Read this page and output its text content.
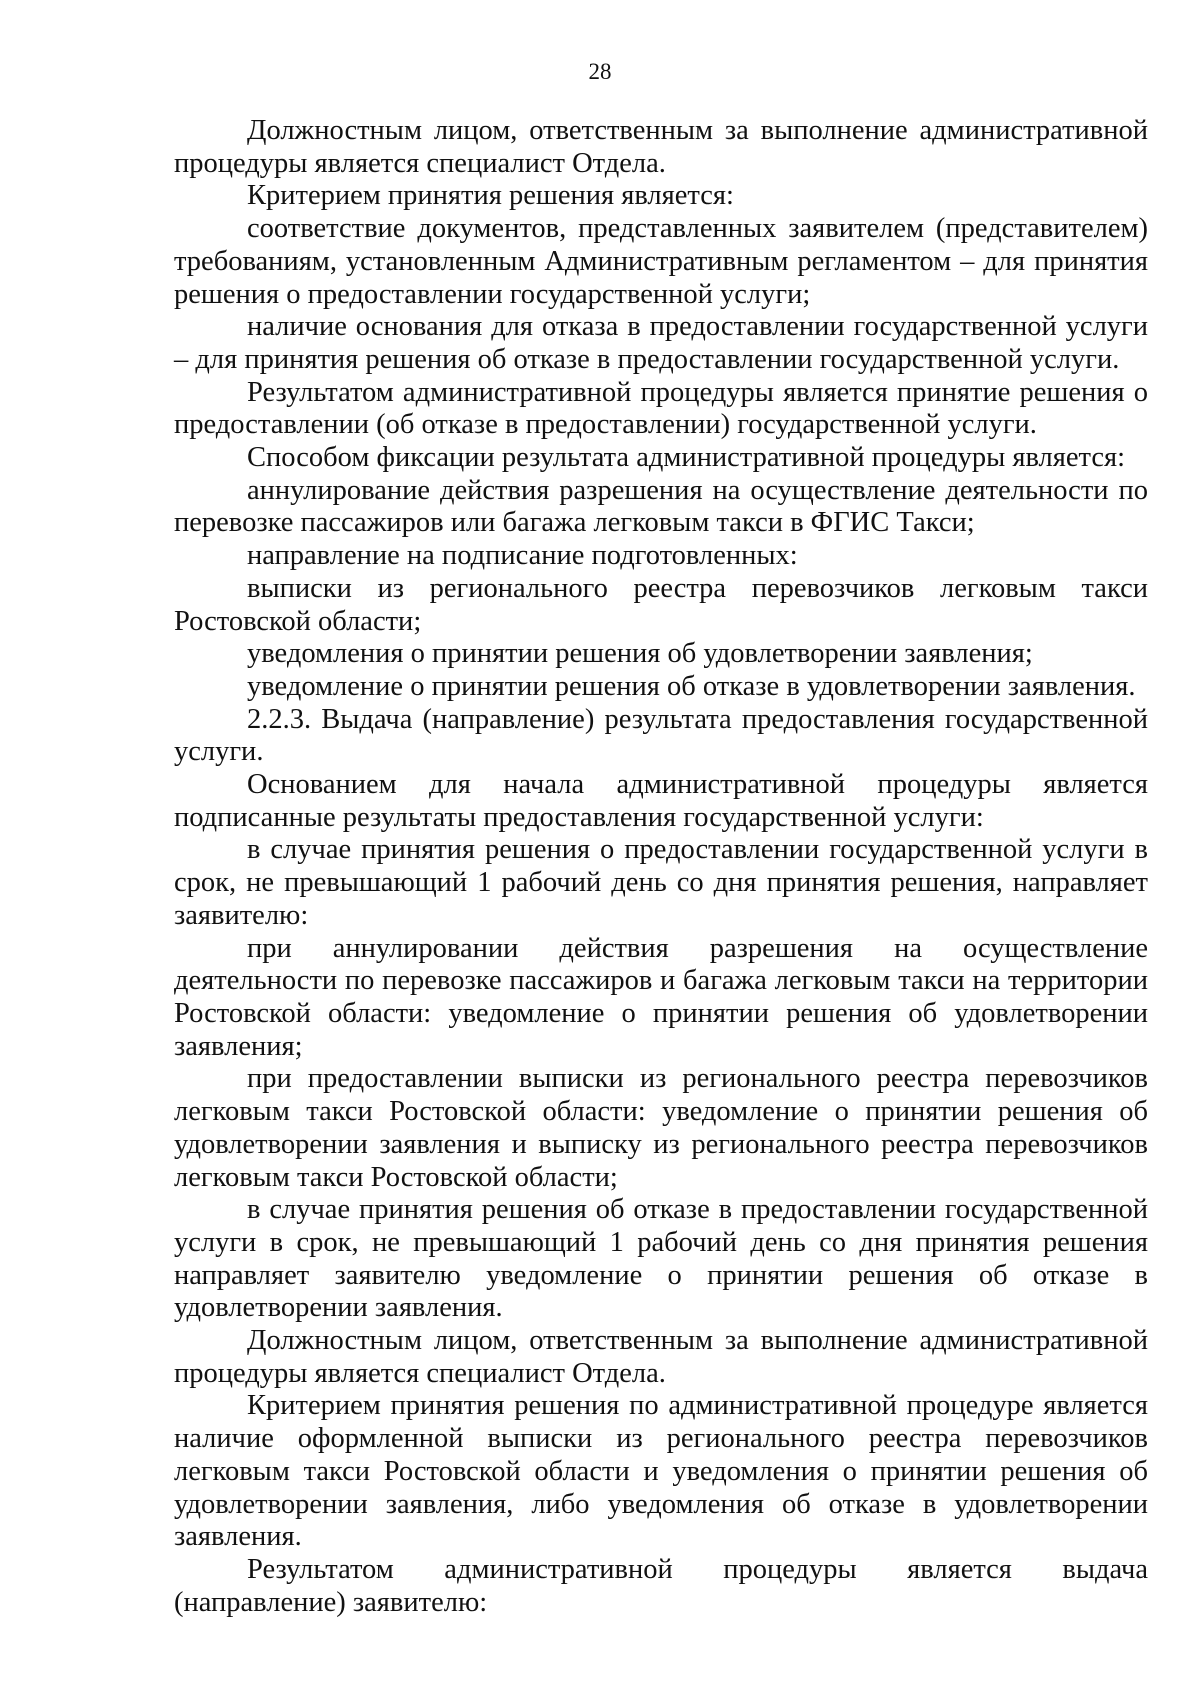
28

Должностным лицом, ответственным за выполнение административной процедуры является специалист Отдела.

Критерием принятия решения является:

соответствие документов, представленных заявителем (представителем) требованиям, установленным Административным регламентом – для принятия решения о предоставлении государственной услуги;

наличие основания для отказа в предоставлении государственной услуги – для принятия решения об отказе в предоставлении государственной услуги.

Результатом административной процедуры является принятие решения о предоставлении (об отказе в предоставлении) государственной услуги.

Способом фиксации результата административной процедуры является:

аннулирование действия разрешения на осуществление деятельности по перевозке пассажиров или багажа легковым такси в ФГИС Такси;

направление на подписание подготовленных:

выписки из регионального реестра перевозчиков легковым такси Ростовской области;

уведомления о принятии решения об удовлетворении заявления;

уведомление о принятии решения об отказе в удовлетворении заявления.

2.2.3. Выдача (направление) результата предоставления государственной услуги.

Основанием для начала административной процедуры является подписанные результаты предоставления государственной услуги:

в случае принятия решения о предоставлении государственной услуги в срок, не превышающий 1 рабочий день со дня принятия решения, направляет заявителю:

при аннулировании действия разрешения на осуществление деятельности по перевозке пассажиров и багажа легковым такси на территории Ростовской области: уведомление о принятии решения об удовлетворении заявления;

при предоставлении выписки из регионального реестра перевозчиков легковым такси Ростовской области: уведомление о принятии решения об удовлетворении заявления и выписку из регионального реестра перевозчиков легковым такси Ростовской области;

в случае принятия решения об отказе в предоставлении государственной услуги в срок, не превышающий 1 рабочий день со дня принятия решения направляет заявителю уведомление о принятии решения об отказе в удовлетворении заявления.

Должностным лицом, ответственным за выполнение административной процедуры является специалист Отдела.

Критерием принятия решения по административной процедуре является наличие оформленной выписки из регионального реестра перевозчиков легковым такси Ростовской области и уведомления о принятии решения об удовлетворении заявления, либо уведомления об отказе в удовлетворении заявления.

Результатом административной процедуры является выдача (направление) заявителю:
